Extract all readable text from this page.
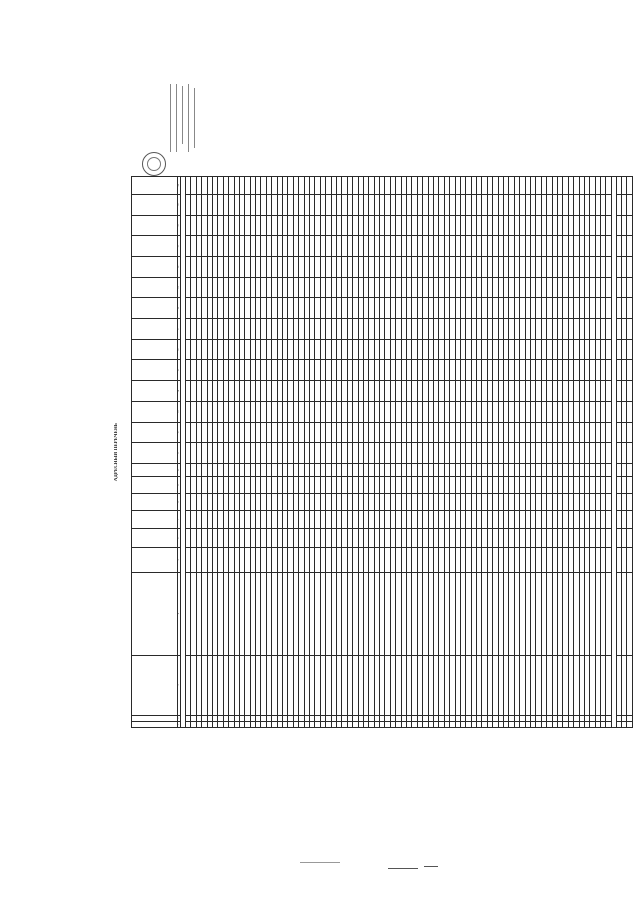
АДРЕСНЫЙ ПЕРЕЧЕНЬ

1	2	3	4	5	6	7	8	9	10	11	12	13	14	15	16	17	18	19	20	21	22	23	24
